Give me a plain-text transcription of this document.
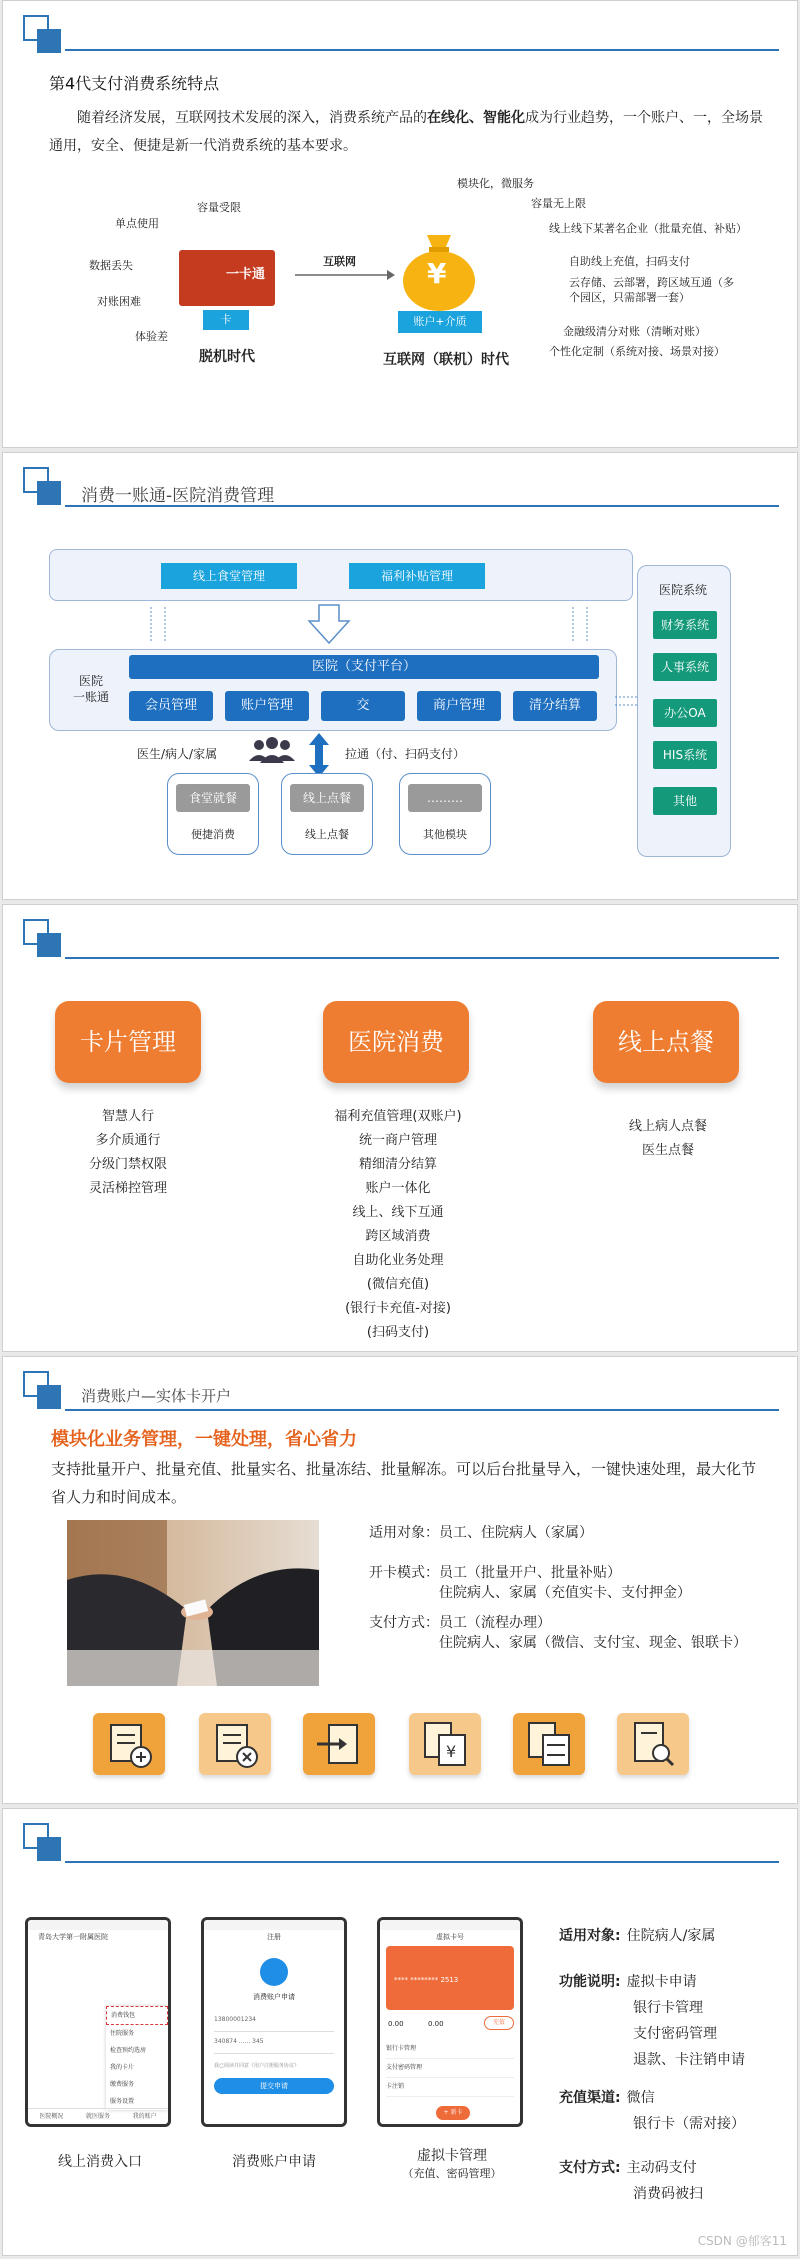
第4代支付消费系统特点
随着经济发展，互联网技术发展的深入，消费系统产品的在线化、智能化成为行业趋势，一个账户、一，全场景通用，安全、便捷是新一代消费系统的基本要求。
容量受限
单点使用
数据丢失
对账困难
体验差
一卡通
卡
脱机时代
互联网	¥
账户+介质
互联网（联机）时代
模块化，微服务
容量无上限
线上线下某著名企业（批量充值、补贴）
自助线上充值，扫码支付
云存储、云部署，跨区域互通（多个园区，只需部署一套）
金融级清分对账（清晰对账）
个性化定制（系统对接、场景对接）
消费一账通-医院消费管理
线上食堂管理	福利补贴管理
医院
一账通
医院（支付平台）
会员管理	账户管理	交	商户管理	清分结算
医生/病人/家属	拉通（付、扫码支付）
食堂就餐
便捷消费
线上点餐
线上点餐
………
其他模块
医院系统
财务系统
人事系统
办公OA
HIS系统
其他
卡片管理	医院消费	线上点餐
智慧人行
多介质通行
分级门禁权限
灵活梯控管理
福利充值管理(双账户)
统一商户管理
精细清分结算
账户一体化
线上、线下互通
跨区域消费
自助化业务处理
(微信充值)
(银行卡充值-对接)
(扫码支付)
线上病人点餐
医生点餐
消费账户—实体卡开户
模块化业务管理，一键处理，省心省力
支持批量开户、批量充值、批量实名、批量冻结、批量解冻。可以后台批量导入，一键快速处理，最大化节省人力和时间成本。
适用对象：员工、住院病人（家属）
开卡模式：员工（批量开户、批量补贴）
住院病人、家属（充值实卡、支付押金）
支付方式：员工（流程办理）
住院病人、家属（微信、支付宝、现金、银联卡）
¥
青岛大学第一附属医院
消费钱包
住院服务
检查预约选房
我的卡片
缴费服务
服务设置
医院概况	就医服务	我的账户
线上消费入口
注册
消费账户申请
13800001234
340874 ...... 345
我已阅读并同意《用户注册服务协议》
提交申请
消费账户申请
虚拟卡号
**** ******** 2513
0.00	0.00	充值
银行卡管理
支付密码管理
卡注销
+ 新卡
虚拟卡管理
（充值、密码管理）
适用对象: 住院病人/家属
功能说明: 虚拟卡申请
银行卡管理
支付密码管理
退款、卡注销申请
充值渠道: 微信
银行卡（需对接）
支付方式: 主动码支付
消费码被扫
CSDN @郁客11
